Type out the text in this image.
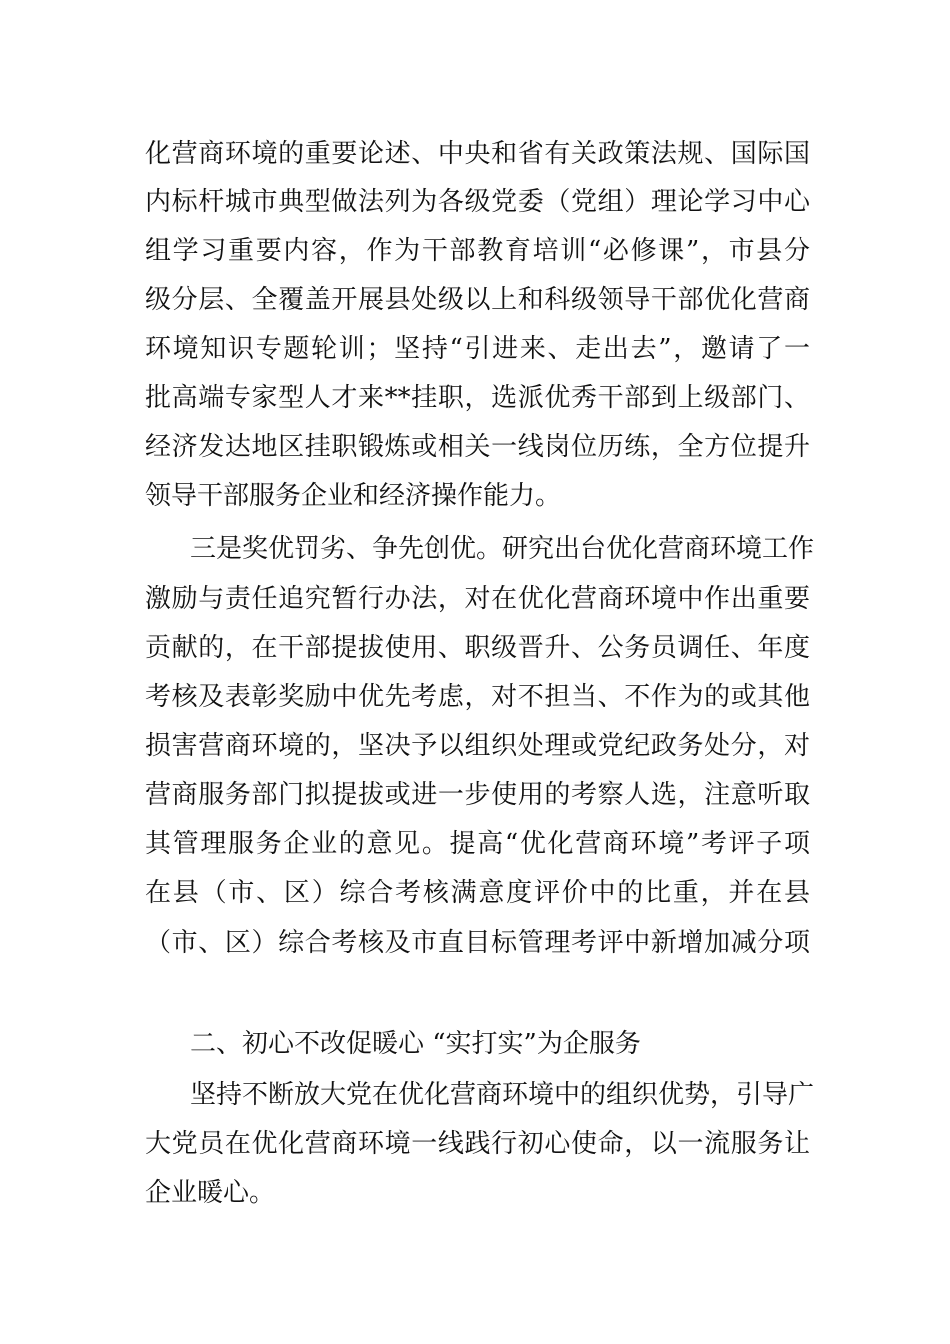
化营商环境的重要论述、中央和省有关政策法规、国际国
内标杆城市典型做法列为各级党委（党组）理论学习中心
组学习重要内容，作为干部教育培训“必修课”，市县分
级分层、全覆盖开展县处级以上和科级领导干部优化营商
环境知识专题轮训；坚持“引进来、走出去”，邀请了一
批高端专家型人才来**挂职，选派优秀干部到上级部门、
经济发达地区挂职锻炼或相关一线岗位历练，全方位提升
领导干部服务企业和经济操作能力。
三是奖优罚劣、争先创优。研究出台优化营商环境工作
激励与责任追究暂行办法，对在优化营商环境中作出重要
贡献的，在干部提拔使用、职级晋升、公务员调任、年度
考核及表彰奖励中优先考虑，对不担当、不作为的或其他
损害营商环境的，坚决予以组织处理或党纪政务处分，对
营商服务部门拟提拔或进一步使用的考察人选，注意听取
其管理服务企业的意见。提高“优化营商环境”考评子项
在县（市、区）综合考核满意度评价中的比重，并在县
（市、区）综合考核及市直目标管理考评中新增加减分项
二、初心不改促暖心 “实打实”为企服务
坚持不断放大党在优化营商环境中的组织优势，引导广
大党员在优化营商环境一线践行初心使命，以一流服务让
企业暖心。
